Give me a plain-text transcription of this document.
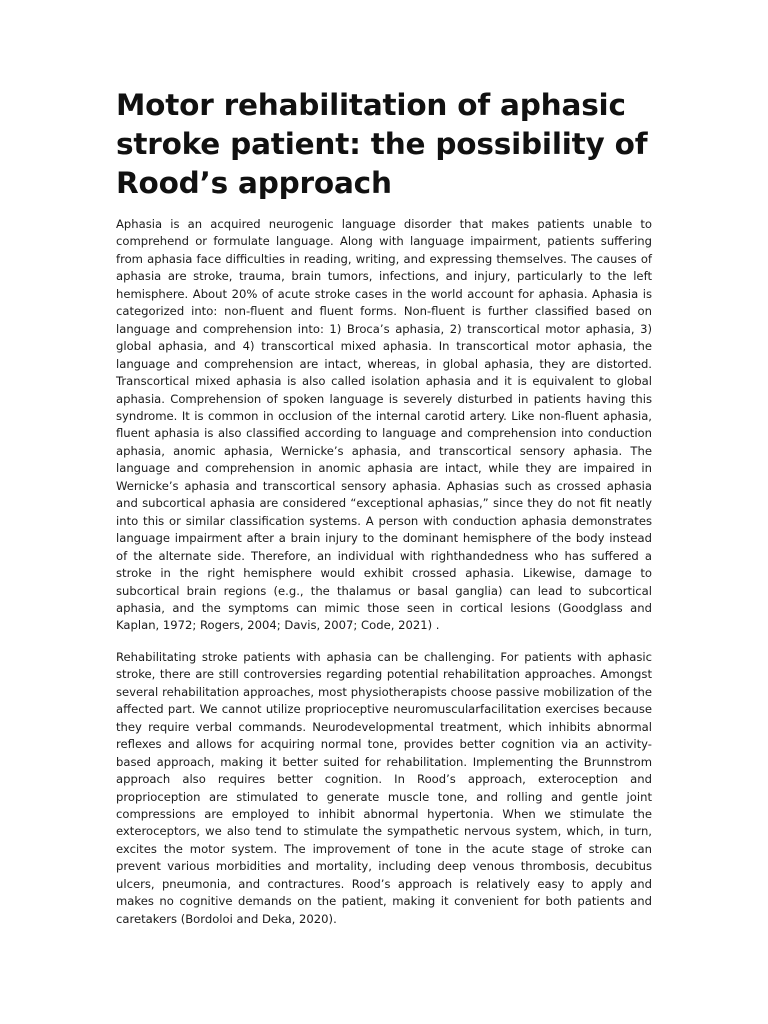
Motor rehabilitation of aphasic stroke patient: the possibility of Rood’s approach

Aphasia is an acquired neurogenic language disorder that makes patients unable to comprehend or formulate language. Along with language impairment, patients suffering from aphasia face difficulties in reading, writing, and expressing themselves. The causes of aphasia are stroke, trauma, brain tumors, infections, and injury, particularly to the left hemisphere. About 20% of acute stroke cases in the world account for aphasia. Aphasia is categorized into: non-fluent and fluent forms. Non-fluent is further classified based on language and comprehension into: 1) Broca’s aphasia, 2) transcortical motor aphasia, 3) global aphasia, and 4) transcortical mixed aphasia. In transcortical motor aphasia, the language and comprehension are intact, whereas, in global aphasia, they are distorted. Transcortical mixed aphasia is also called isolation aphasia and it is equivalent to global aphasia. Comprehension of spoken language is severely disturbed in patients having this syndrome. It is common in occlusion of the internal carotid artery. Like non-fluent aphasia, fluent aphasia is also classified according to language and comprehension into conduction aphasia, anomic aphasia, Wernicke’s aphasia, and transcortical sensory aphasia. The language and comprehension in anomic aphasia are intact, while they are impaired in Wernicke’s aphasia and transcortical sensory aphasia. Aphasias such as crossed aphasia and subcortical aphasia are considered “exceptional aphasias,” since they do not fit neatly into this or similar classification systems. A person with conduction aphasia demonstrates language impairment after a brain injury to the dominant hemisphere of the body instead of the alternate side. Therefore, an individual with righthandedness who has suffered a stroke in the right hemisphere would exhibit crossed aphasia. Likewise, damage to subcortical brain regions (e.g., the thalamus or basal ganglia) can lead to subcortical aphasia, and the symptoms can mimic those seen in cortical lesions (Goodglass and Kaplan, 1972; Rogers, 2004; Davis, 2007; Code, 2021) .

Rehabilitating stroke patients with aphasia can be challenging. For patients with aphasic stroke, there are still controversies regarding potential rehabilitation approaches. Amongst several rehabilitation approaches, most physiotherapists choose passive mobilization of the affected part. We cannot utilize proprioceptive neuromuscularfacilitation exercises because they require verbal commands. Neurodevelopmental treatment, which inhibits abnormal reflexes and allows for acquiring normal tone, provides better cognition via an activity-based approach, making it better suited for rehabilitation. Implementing the Brunnstrom approach also requires better cognition. In Rood’s approach, exteroception and proprioception are stimulated to generate muscle tone, and rolling and gentle joint compressions are employed to inhibit abnormal hypertonia. When we stimulate the exteroceptors, we also tend to stimulate the sympathetic nervous system, which, in turn, excites the motor system. The improvement of tone in the acute stage of stroke can prevent various morbidities and mortality, including deep venous thrombosis, decubitus ulcers, pneumonia, and contractures. Rood’s approach is relatively easy to apply and makes no cognitive demands on the patient, making it convenient for both patients and caretakers (Bordoloi and Deka, 2020).
